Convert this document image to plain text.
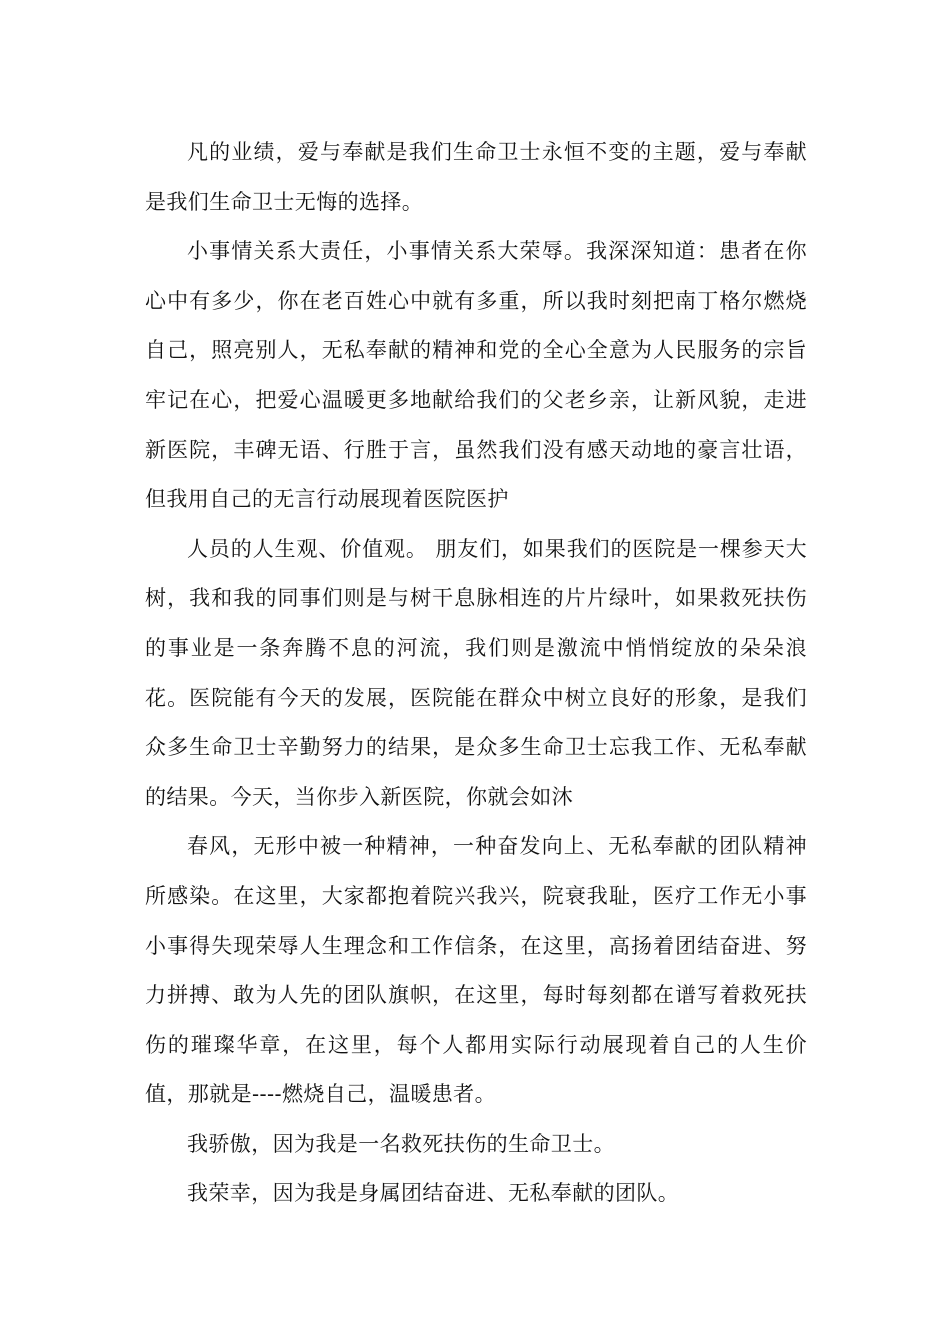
凡的业绩，爱与奉献是我们生命卫士永恒不变的主题，爱与奉献是我们生命卫士无悔的选择。

小事情关系大责任，小事情关系大荣辱。我深深知道：患者在你心中有多少，你在老百姓心中就有多重，所以我时刻把南丁格尔燃烧自己，照亮别人，无私奉献的精神和党的全心全意为人民服务的宗旨牢记在心，把爱心温暖更多地献给我们的父老乡亲，让新风貌，走进新医院，丰碑无语、行胜于言，虽然我们没有感天动地的豪言壮语，但我用自己的无言行动展现着医院医护

人员的人生观、价值观。 朋友们，如果我们的医院是一棵参天大树，我和我的同事们则是与树干息脉相连的片片绿叶，如果救死扶伤的事业是一条奔腾不息的河流，我们则是激流中悄悄绽放的朵朵浪花。医院能有今天的发展，医院能在群众中树立良好的形象，是我们众多生命卫士辛勤努力的结果，是众多生命卫士忘我工作、无私奉献的结果。今天，当你步入新医院，你就会如沐

春风，无形中被一种精神，一种奋发向上、无私奉献的团队精神所感染。在这里，大家都抱着院兴我兴，院衰我耻，医疗工作无小事小事得失现荣辱人生理念和工作信条，在这里，高扬着团结奋进、努力拼搏、敢为人先的团队旗帜，在这里，每时每刻都在谱写着救死扶伤的璀璨华章，在这里，每个人都用实际行动展现着自己的人生价值，那就是----燃烧自己，温暖患者。

我骄傲，因为我是一名救死扶伤的生命卫士。

我荣幸，因为我是身属团结奋进、无私奉献的团队。
